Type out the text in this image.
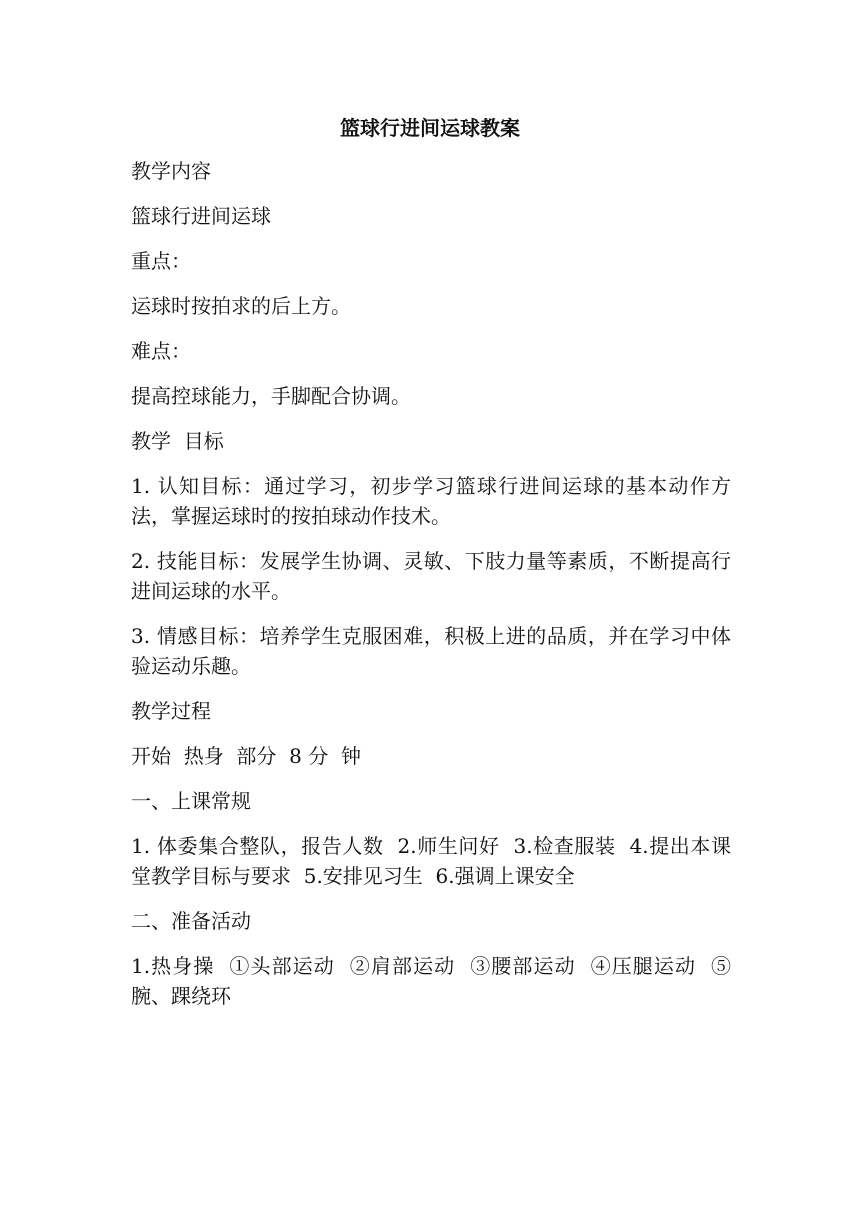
篮球行进间运球教案
教学内容
篮球行进间运球
重点：
运球时按拍求的后上方。
难点：
提高控球能力，手脚配合协调。
教学  目标
1. 认知目标：通过学习，初步学习篮球行进间运球的基本动作方法，掌握运球时的按拍球动作技术。
2. 技能目标：发展学生协调、灵敏、下肢力量等素质，不断提高行进间运球的水平。
3. 情感目标：培养学生克服困难，积极上进的品质，并在学习中体验运动乐趣。
教学过程
开始  热身  部分  8 分  钟
一、上课常规
1. 体委集合整队，报告人数  2.师生问好  3.检查服装  4.提出本课堂教学目标与要求  5.安排见习生  6.强调上课安全
二、准备活动
1.热身操  ①头部运动  ②肩部运动  ③腰部运动  ④压腿运动  ⑤腕、踝绕环
